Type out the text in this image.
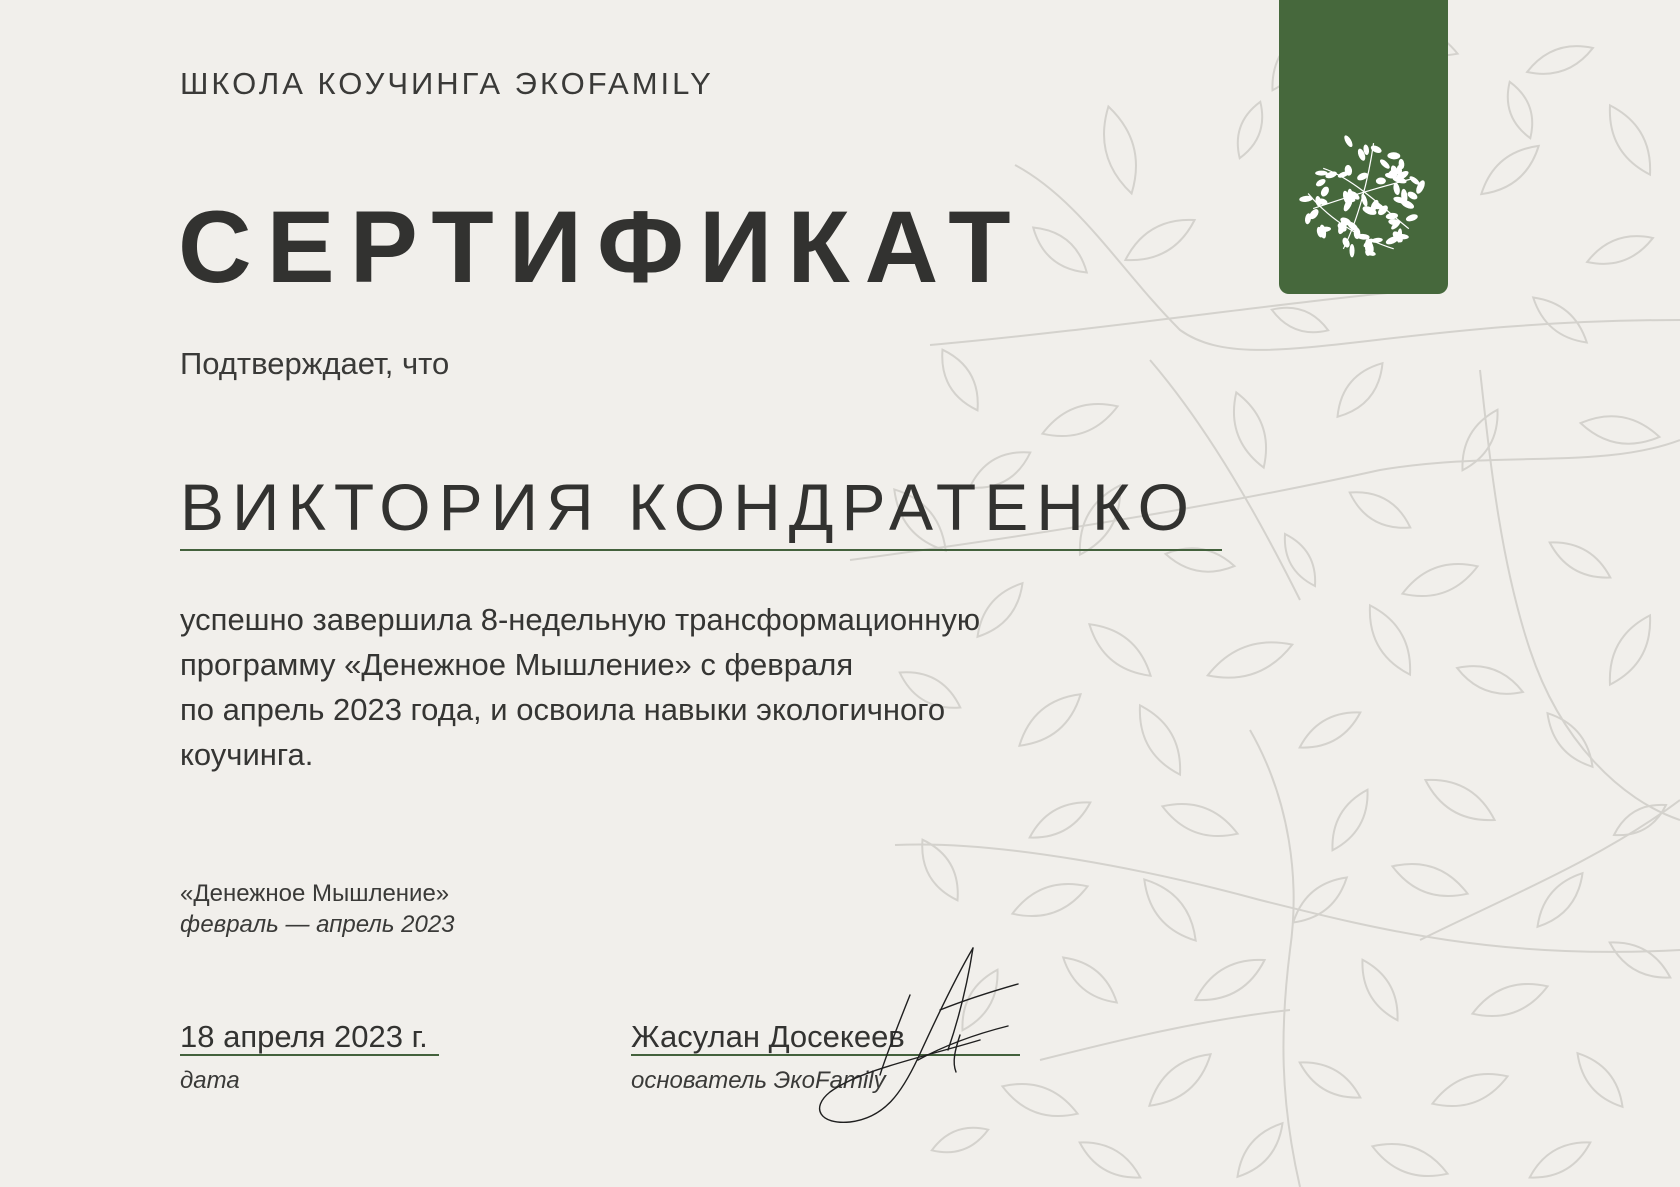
ШКОЛА КОУЧИНГА ЭКОFAMILY
СЕРТИФИКАТ
Подтверждает, что
ВИКТОРИЯ КОНДРАТЕНКО
успешно завершила 8-недельную трансформационную
программу «Денежное Мышление» с февраля
по апрель 2023 года, и освоила навыки экологичного
коучинга.
«Денежное Мышление»
февраль — апрель 2023
18 апреля 2023 г.
дата
Жасулан Досекеев
основатель ЭкоFamily
